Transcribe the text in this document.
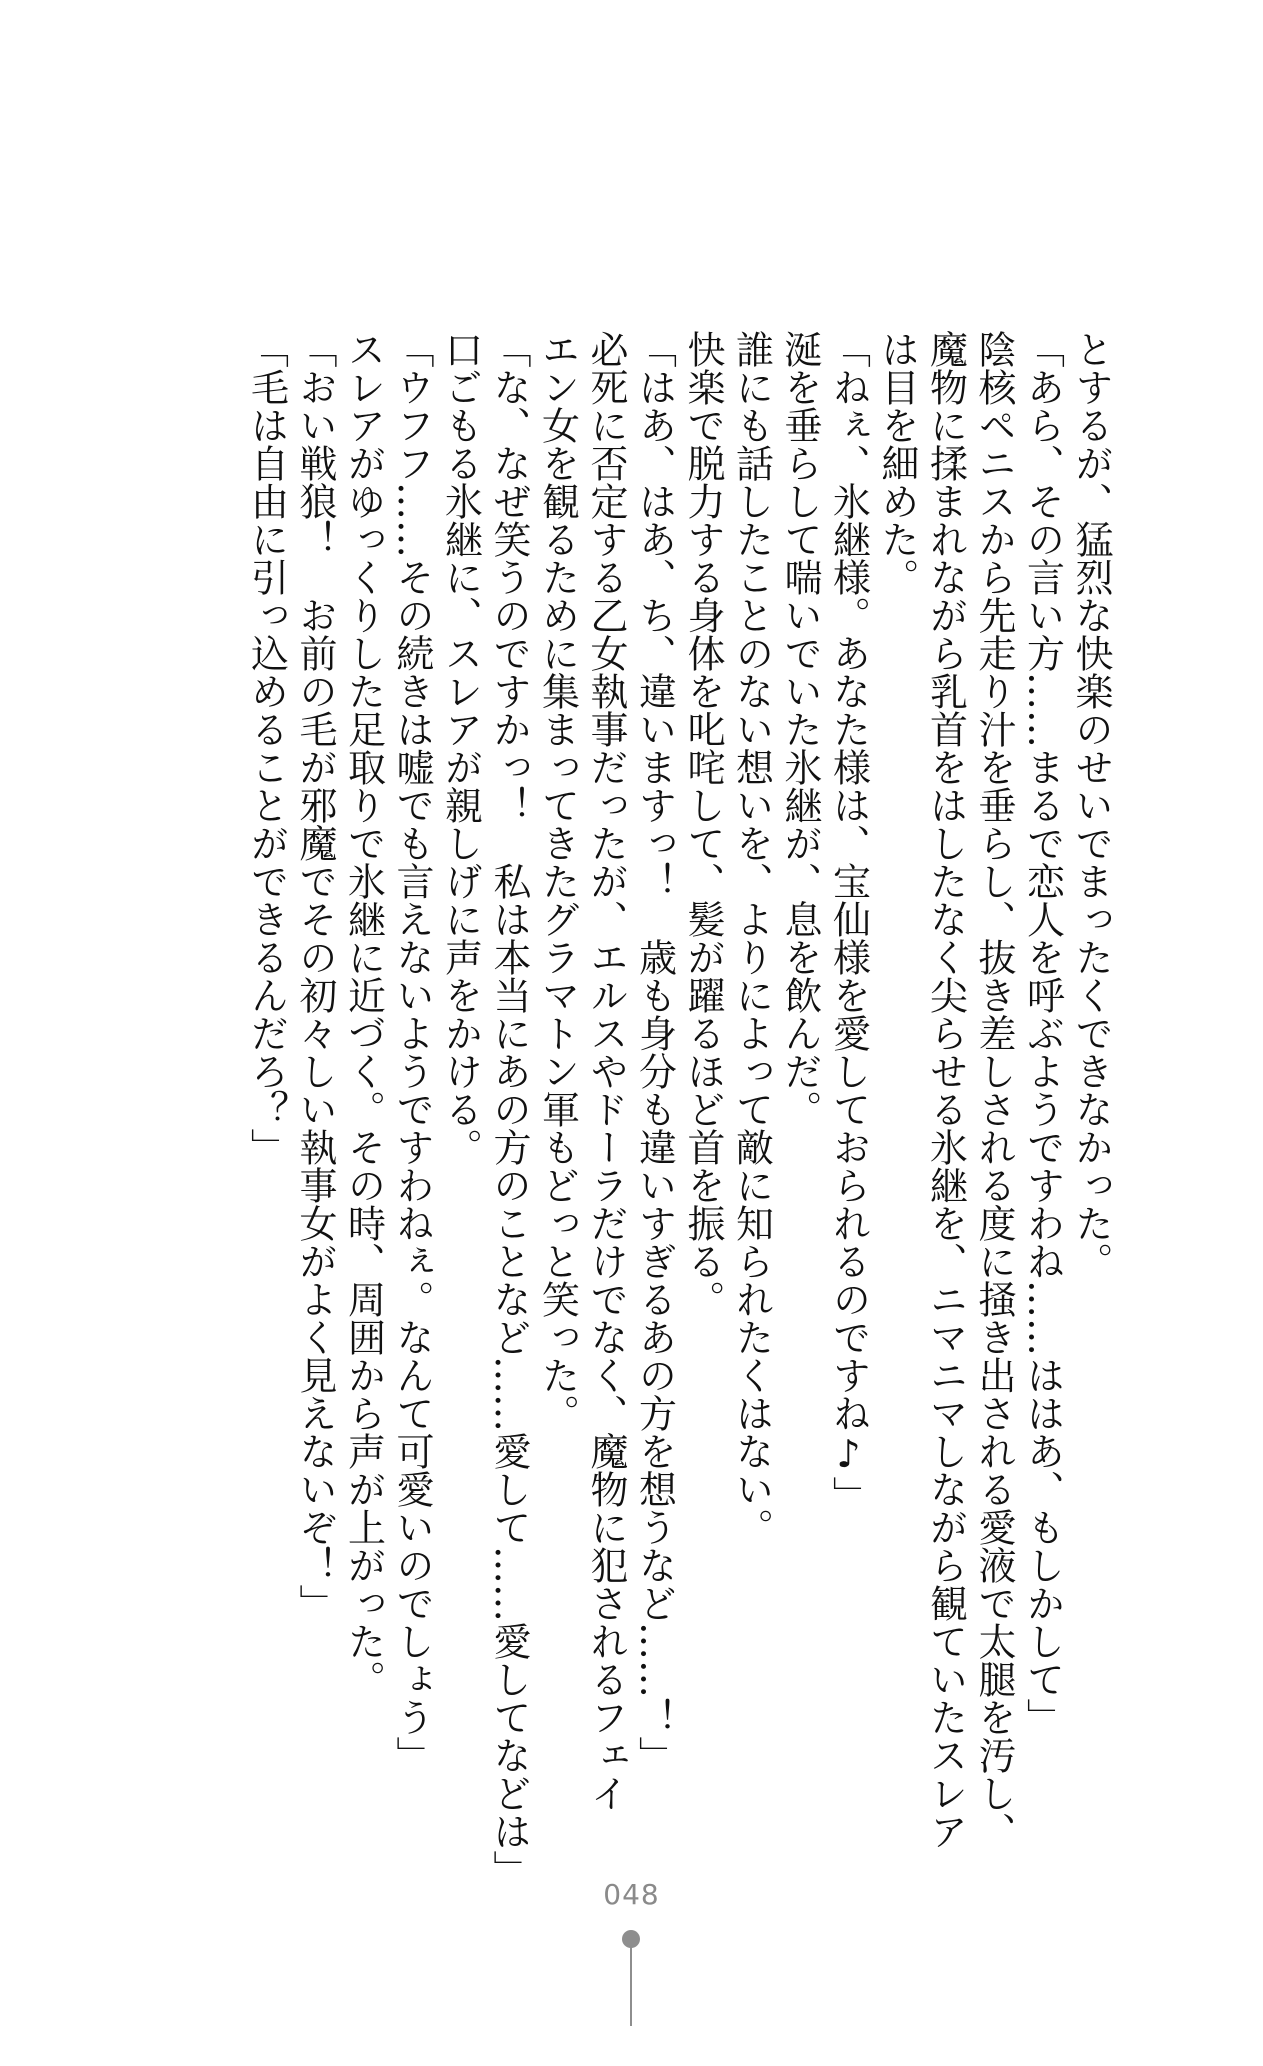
とするが、猛烈な快楽のせいでまったくできなかった。

「あら、その言い方……まるで恋人を呼ぶようですわね……はは​あ、もしかして」

陰核ペニスから先走り汁を垂らし、抜き差しされる度に掻き出される愛液で太腿を汚し、

魔物に揉まれながら乳首をはしたなく尖らせる氷継を、ニマニマしながら観ていたスレア

は目を細めた。

「ねぇ、氷継様。あなた様は、宝仙様を愛しておられるのですね♪」

涎を垂らして喘いでいた氷継が、息を飲んだ。

誰にも話したことのない想いを、よりによって敵に知られたくはない。

快楽で脱力する身体を叱咤して、髪が躍るほど首を振る。

「はあ、はあ、ち、違いますっ！　歳も身分も違いすぎるあの方を想うなど……！」

必死に否定する乙女執事だったが、エルスやドーラだけでなく、魔物に犯されるフェイ

エン女を観るために集まってきたグラマトン軍もどっと笑った。

「な、なぜ笑うのですかっ！　私は本当にあの方のことなど……愛して……愛してなどは」

口ごもる氷継に、スレアが親しげに声をかける。

「ウフフ……その続きは嘘でも言えないようですわねぇ。なんて可愛いのでしょう」

スレアがゆっくりした足取りで氷継に近づく。その時、周囲から声が上がった。

「おい戦狼！　お前の毛が邪魔でその初々しい執事女がよく見えないぞ！」

「毛は自由に引っ込めることができるんだろ？」

048
